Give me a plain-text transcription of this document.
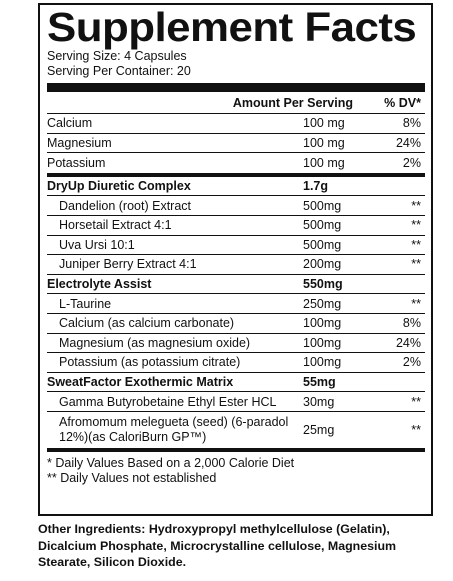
Supplement Facts
Serving Size: 4 Capsules
Serving Per Container: 20
Amount Per Serving	% DV*
Calcium	100 mg	8%
Magnesium	100 mg	24%
Potassium	100 mg	2%
DryUp Diuretic Complex	1.7g
Dandelion (root) Extract	500mg	**
Horsetail Extract 4:1	500mg	**
Uva Ursi 10:1	500mg	**
Juniper Berry Extract 4:1	200mg	**
Electrolyte Assist	550mg
L-Taurine	250mg	**
Calcium (as calcium carbonate)	100mg	8%
Magnesium (as magnesium oxide)	100mg	24%
Potassium (as potassium citrate)	100mg	2%
SweatFactor Exothermic Matrix	55mg
Gamma Butyrobetaine Ethyl Ester HCL	30mg	**
Afromomum melegueta (seed) (6-paradol 12%)(as CaloriBurn GP™)	25mg	**
* Daily Values Based on a 2,000 Calorie Diet
** Daily Values not established
Other Ingredients: Hydroxypropyl methylcellulose (Gelatin), Dicalcium Phosphate, Microcrystalline cellulose, Magnesium Stearate, Silicon Dioxide.
